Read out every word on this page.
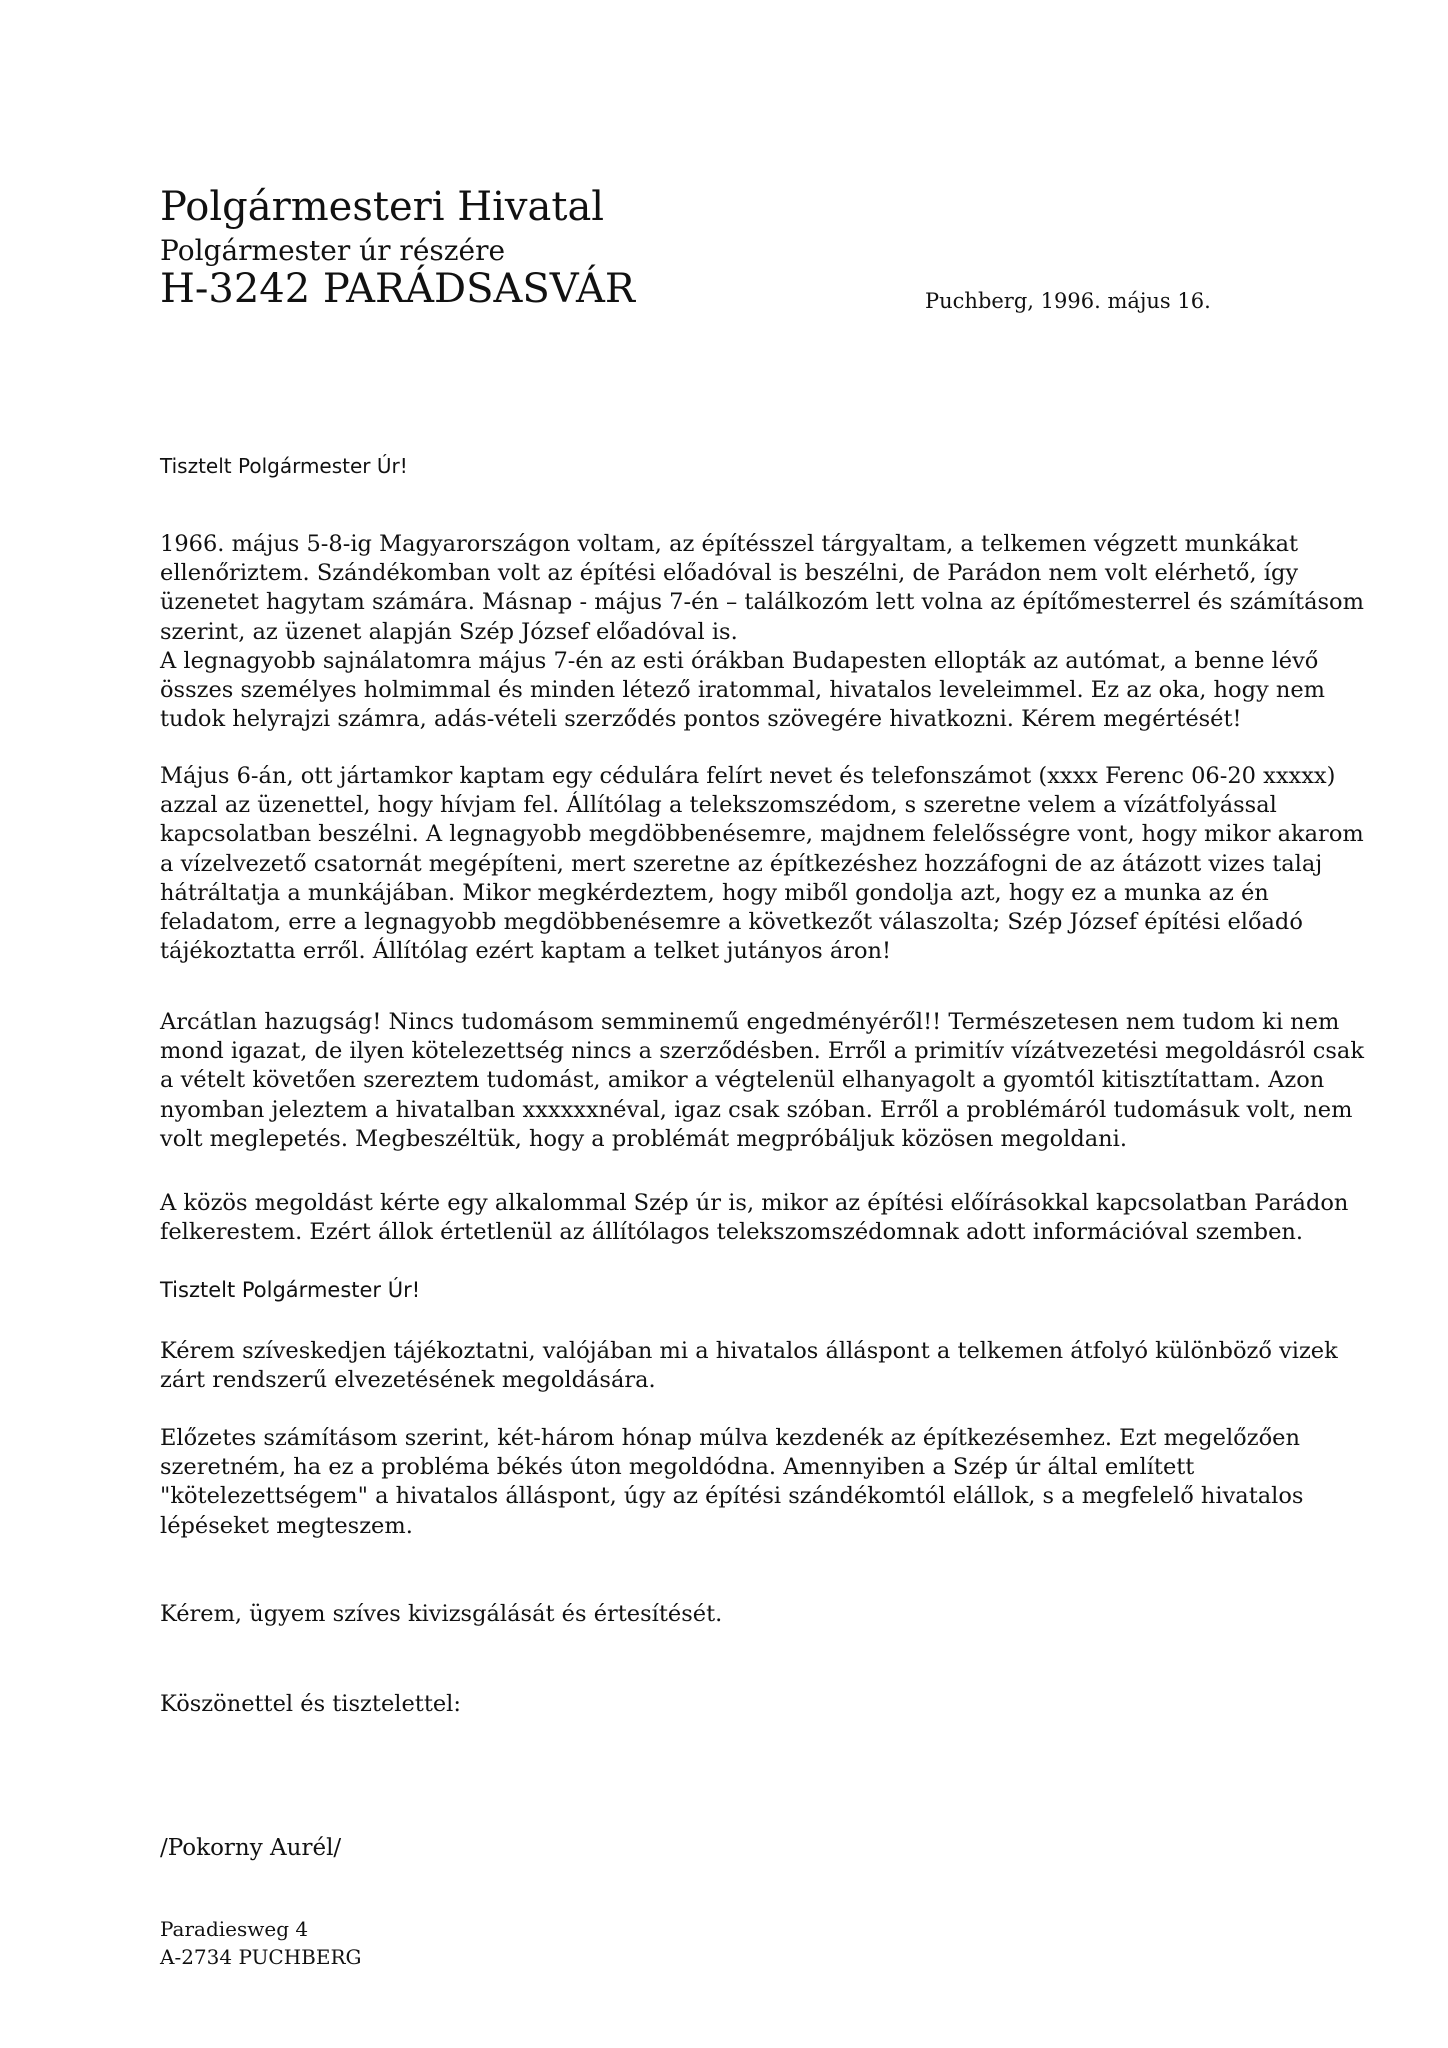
Polgármesteri Hivatal
Polgármester úr részére
H-3242 PARÁDSASVÁR	Puchberg, 1996. május 16.
Tisztelt Polgármester Úr!

1966. május 5-8-ig Magyarországon voltam, az építésszel tárgyaltam, a telkemen végzett munkákat ellenőriztem. Szándékomban volt az építési előadóval is beszélni, de Parádon nem volt elérhető, így üzenetet hagytam számára. Másnap - május 7-én – találkozóm lett volna az építőmesterrel és számításom szerint, az üzenet alapján Szép József előadóval is.

A legnagyobb sajnálatomra május 7-én az esti órákban Budapesten ellopták az autómat, a benne lévő összes személyes holmimmal és minden létező iratommal, hivatalos leveleimmel. Ez az oka, hogy nem tudok helyrajzi számra, adás-vételi szerződés pontos szövegére hivatkozni. Kérem megértését!

Május 6-án, ott jártamkor kaptam egy cédulára felírt nevet és telefonszámot (xxxx Ferenc 06-20 xxxxx) azzal az üzenettel, hogy hívjam fel. Állítólag a telekszomszédom, s szeretne velem a vízátfolyással kapcsolatban beszélni. A legnagyobb megdöbbenésemre, majdnem felelősségre vont, hogy mikor akarom a vízelvezető csatornát megépíteni, mert szeretne az építkezéshez hozzáfogni de az átázott vizes talaj hátráltatja a munkájában. Mikor megkérdeztem, hogy miből gondolja azt, hogy ez a munka az én feladatom, erre a legnagyobb megdöbbenésemre a következőt válaszolta; Szép József építési előadó tájékoztatta erről. Állítólag ezért kaptam a telket jutányos áron!

Arcátlan hazugság! Nincs tudomásom semminemű engedményéről!! Természetesen nem tudom ki nem mond igazat, de ilyen kötelezettség nincs a szerződésben. Erről a primitív vízátvezetési megoldásról csak a vételt követően szereztem tudomást, amikor a végtelenül elhanyagolt a gyomtól kitisztítattam. Azon nyomban jeleztem a hivatalban xxxxxxnéval, igaz csak szóban. Erről a problémáról tudomásuk volt, nem volt meglepetés. Megbeszéltük, hogy a problémát megpróbáljuk közösen megoldani.

A közös megoldást kérte egy alkalommal Szép úr is, mikor az építési előírásokkal kapcsolatban Parádon felkerestem. Ezért állok értetlenül az állítólagos telekszomszédomnak adott információval szemben.

Tisztelt Polgármester Úr!

Kérem szíveskedjen tájékoztatni, valójában mi a hivatalos álláspont a telkemen átfolyó különböző vizek zárt rendszerű elvezetésének megoldására.

Előzetes számításom szerint, két-három hónap múlva kezdenék az építkezésemhez. Ezt megelőzően szeretném, ha ez a probléma békés úton megoldódna. Amennyiben a Szép úr által említett "kötelezettségem" a hivatalos álláspont, úgy az építési szándékomtól elállok, s a megfelelő hivatalos lépéseket megteszem.

Kérem, ügyem szíves kivizsgálását és értesítését.

Köszönettel és tisztelettel:

/Pokorny Aurél/
Paradiesweg 4
A-2734 PUCHBERG
